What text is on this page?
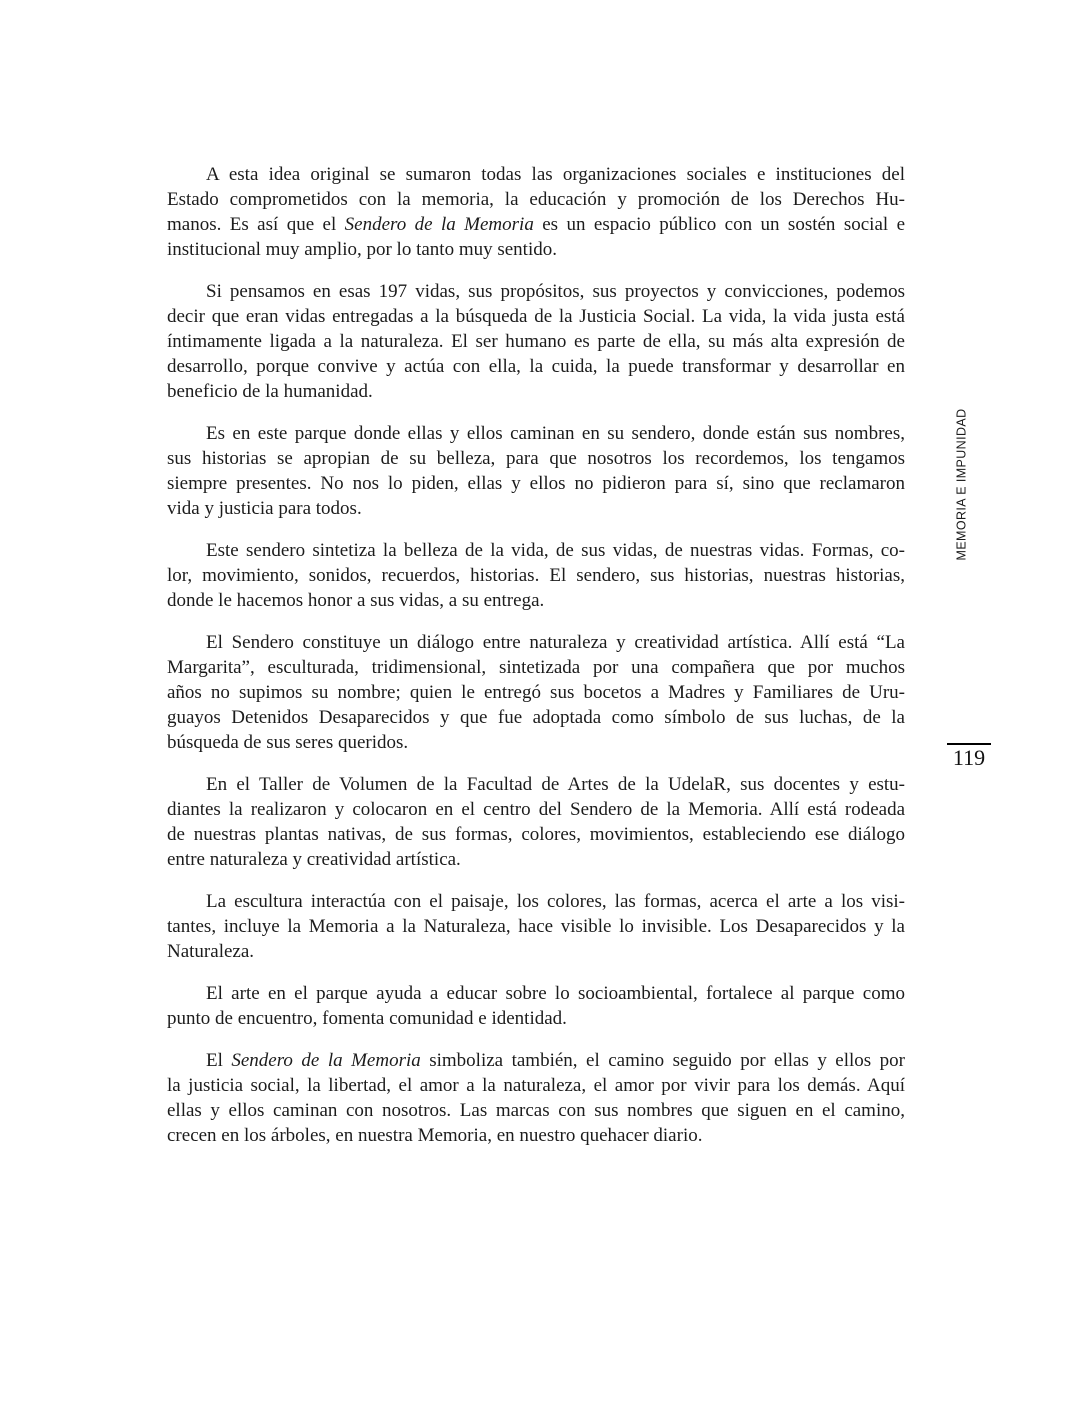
A esta idea original se sumaron todas las organizaciones sociales e instituciones del
Estado comprometidos con la memoria, la educación y promoción de los Derechos Hu-
manos. Es así que el Sendero de la Memoria es un espacio público con un sostén social e
institucional muy amplio, por lo tanto muy sentido.
Si pensamos en esas 197 vidas, sus propósitos, sus proyectos y convicciones, podemos
decir que eran vidas entregadas a la búsqueda de la Justicia Social. La vida, la vida justa está
íntimamente ligada a la naturaleza. El ser humano es parte de ella, su más alta expresión de
desarrollo, porque convive y actúa con ella, la cuida, la puede transformar y desarrollar en
beneficio de la humanidad.
Es en este parque donde ellas y ellos caminan en su sendero, donde están sus nombres,
sus historias se apropian de su belleza, para que nosotros los recordemos, los tengamos
siempre presentes. No nos lo piden, ellas y ellos no pidieron para sí, sino que reclamaron
vida y justicia para todos.
Este sendero sintetiza la belleza de la vida, de sus vidas, de nuestras vidas. Formas, co-
lor, movimiento, sonidos, recuerdos, historias. El sendero, sus historias, nuestras historias,
donde le hacemos honor a sus vidas, a su entrega.
El Sendero constituye un diálogo entre naturaleza y creatividad artística. Allí está “La
Margarita”, esculturada, tridimensional, sintetizada por una compañera que por muchos
años no supimos su nombre; quien le entregó sus bocetos a Madres y Familiares de Uru-
guayos Detenidos Desaparecidos y que fue adoptada como símbolo de sus luchas, de la
búsqueda de sus seres queridos.
En el Taller de Volumen de la Facultad de Artes de la UdelaR, sus docentes y estu-
diantes la realizaron y colocaron en el centro del Sendero de la Memoria. Allí está rodeada
de nuestras plantas nativas, de sus formas, colores, movimientos, estableciendo ese diálogo
entre naturaleza y creatividad artística.
La escultura interactúa con el paisaje, los colores, las formas, acerca el arte a los visi-
tantes, incluye la Memoria a la Naturaleza, hace visible lo invisible. Los Desaparecidos y la
Naturaleza.
El arte en el parque ayuda a educar sobre lo socioambiental, fortalece al parque como
punto de encuentro, fomenta comunidad e identidad.
El Sendero de la Memoria simboliza también, el camino seguido por ellas y ellos por
la justicia social, la libertad, el amor a la naturaleza, el amor por vivir para los demás. Aquí
ellas y ellos caminan con nosotros. Las marcas con sus nombres que siguen en el camino,
crecen en los árboles, en nuestra Memoria, en nuestro quehacer diario.
MEMORIA E IMPUNIDAD
119
